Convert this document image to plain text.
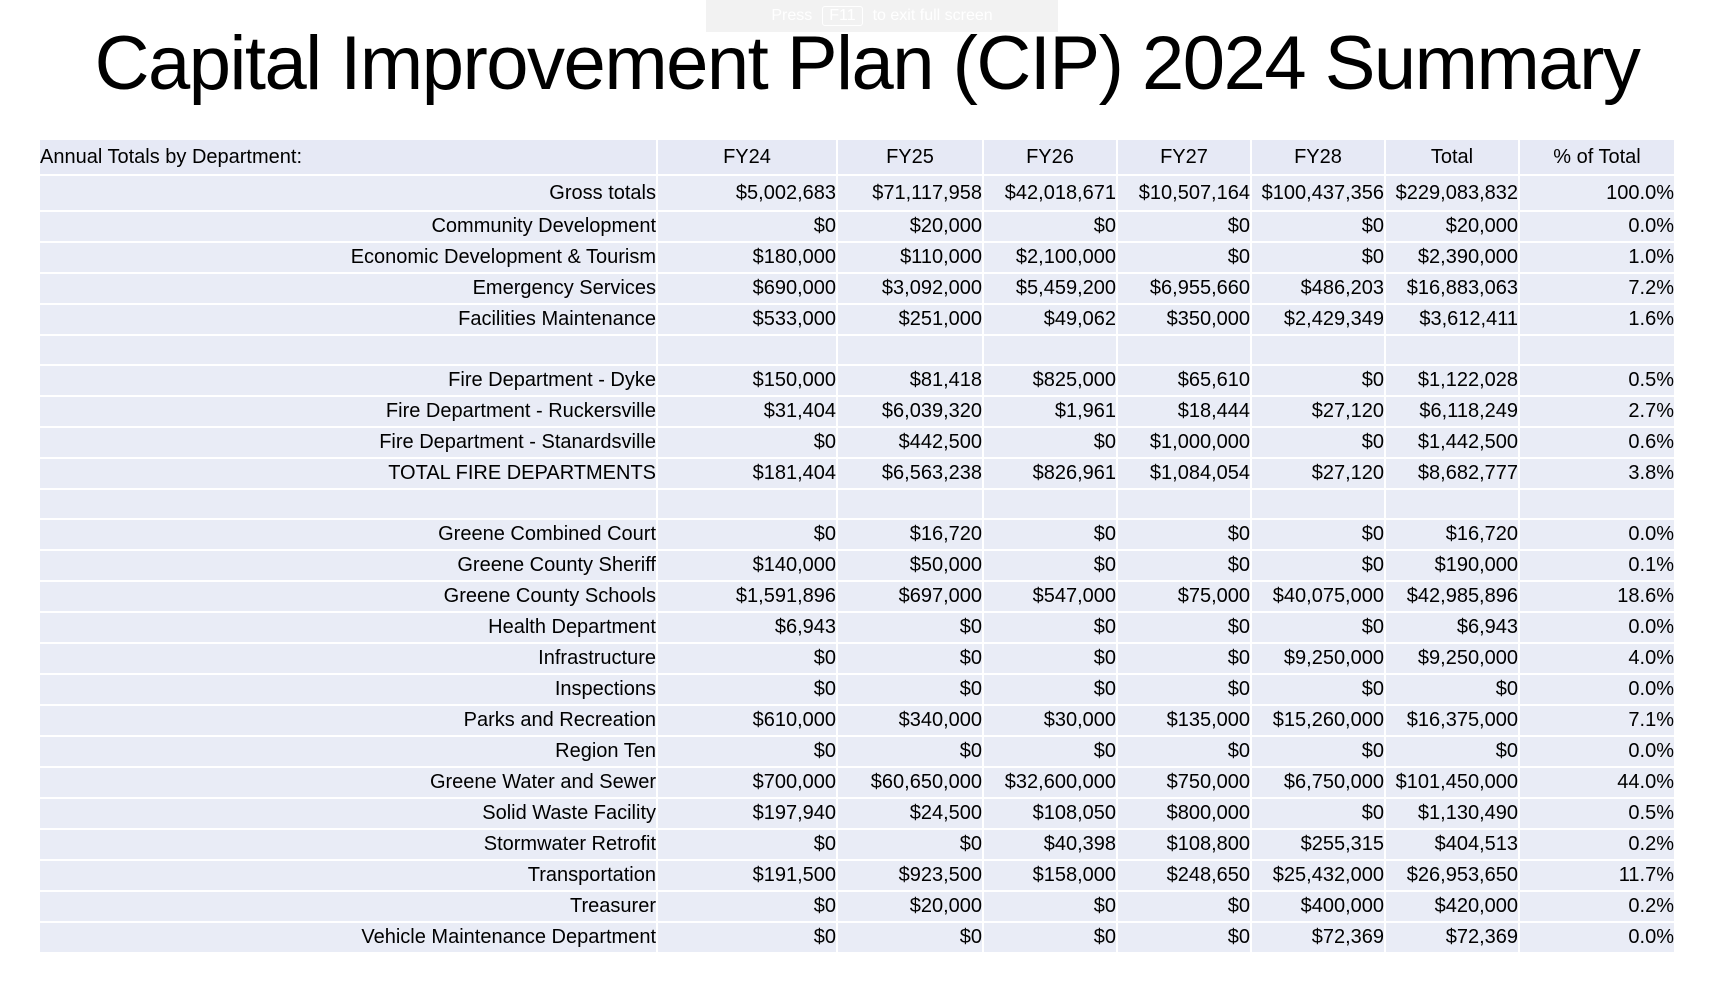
Press	F11	to exit full screen
Capital Improvement Plan (CIP) 2024 Summary
Annual Totals by Department:	FY24	FY25	FY26	FY27	FY28	Total	% of Total
Gross totals	$5,002,683	$71,117,958	$42,018,671	$10,507,164	$100,437,356	$229,083,832	100.0%
Community Development	$0	$20,000	$0	$0	$0	$20,000	0.0%
Economic Development & Tourism	$180,000	$110,000	$2,100,000	$0	$0	$2,390,000	1.0%
Emergency Services	$690,000	$3,092,000	$5,459,200	$6,955,660	$486,203	$16,883,063	7.2%
Facilities Maintenance	$533,000	$251,000	$49,062	$350,000	$2,429,349	$3,612,411	1.6%

Fire Department - Dyke	$150,000	$81,418	$825,000	$65,610	$0	$1,122,028	0.5%
Fire Department - Ruckersville	$31,404	$6,039,320	$1,961	$18,444	$27,120	$6,118,249	2.7%
Fire Department - Stanardsville	$0	$442,500	$0	$1,000,000	$0	$1,442,500	0.6%
TOTAL FIRE DEPARTMENTS	$181,404	$6,563,238	$826,961	$1,084,054	$27,120	$8,682,777	3.8%

Greene Combined Court	$0	$16,720	$0	$0	$0	$16,720	0.0%
Greene County Sheriff	$140,000	$50,000	$0	$0	$0	$190,000	0.1%
Greene County Schools	$1,591,896	$697,000	$547,000	$75,000	$40,075,000	$42,985,896	18.6%
Health Department	$6,943	$0	$0	$0	$0	$6,943	0.0%
Infrastructure	$0	$0	$0	$0	$9,250,000	$9,250,000	4.0%
Inspections	$0	$0	$0	$0	$0	$0	0.0%
Parks and Recreation	$610,000	$340,000	$30,000	$135,000	$15,260,000	$16,375,000	7.1%
Region Ten	$0	$0	$0	$0	$0	$0	0.0%
Greene Water and Sewer	$700,000	$60,650,000	$32,600,000	$750,000	$6,750,000	$101,450,000	44.0%
Solid Waste Facility	$197,940	$24,500	$108,050	$800,000	$0	$1,130,490	0.5%
Stormwater Retrofit	$0	$0	$40,398	$108,800	$255,315	$404,513	0.2%
Transportation	$191,500	$923,500	$158,000	$248,650	$25,432,000	$26,953,650	11.7%
Treasurer	$0	$20,000	$0	$0	$400,000	$420,000	0.2%
Vehicle Maintenance Department	$0	$0	$0	$0	$72,369	$72,369	0.0%
